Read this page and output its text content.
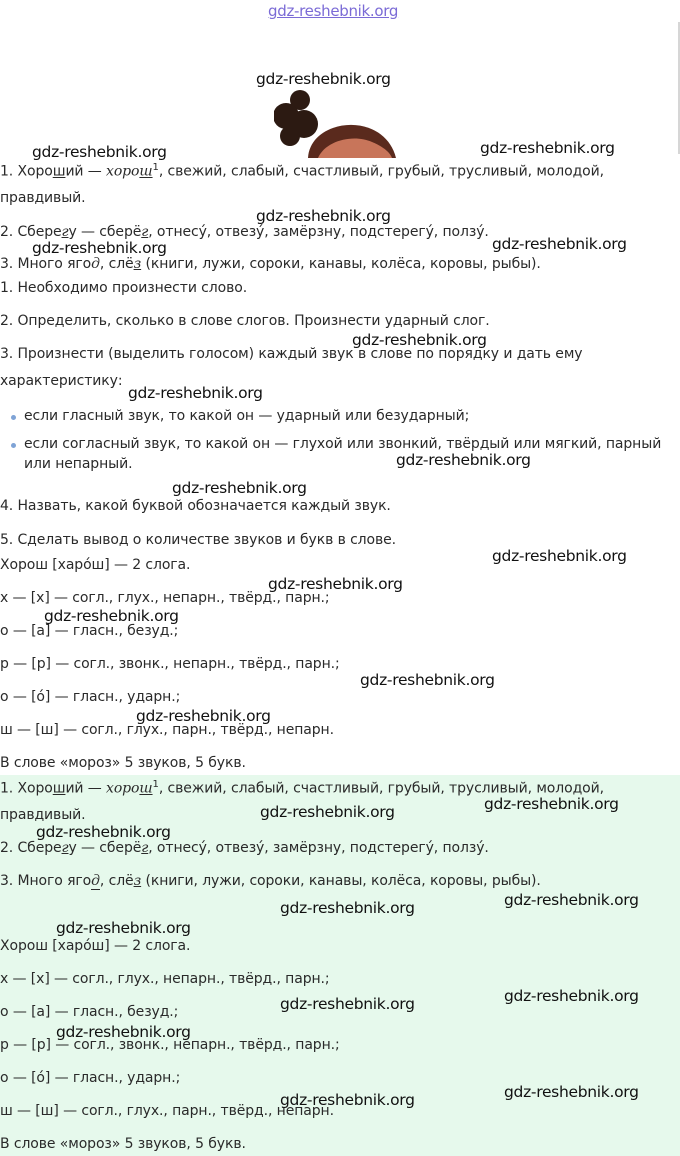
gdz-reshebnik.org
1. Хороший — хорош$^1$, свежий, слабый, счастливый, грубый, трусливый, молодой,
правдивый.
2. Сберегу — сберёг, отнесу́, отвезу́, замёрзну, подстерегу́, ползу́.
3. Много ягод, слёз (книги, лужи, сороки, канавы, колёса, коровы, рыбы).
1. Необходимо произнести слово.
2. Определить, сколько в слове слогов. Произнести ударный слог.
3. Произнести (выделить голосом) каждый звук в слове по порядку и дать ему
характеристику:
если гласный звук, то какой он — ударный или безударный;
если согласный звук, то какой он — глухой или звонкий, твёрдый или мягкий, парный
или непарный.
4. Назвать, какой буквой обозначается каждый звук.
5. Сделать вывод о количестве звуков и букв в слове.
Хорош [харо́ш] — 2 слога.
х — [х] — согл., глух., непарн., твёрд., парн.;
о — [а] — гласн., безуд.;
р — [р] — согл., звонк., непарн., твёрд., парн.;
о — [о́] — гласн., ударн.;
ш — [ш] — согл., глух., парн., твёрд., непарн.
В слове «мороз» 5 звуков, 5 букв.
1. Хороший — хорош$^1$, свежий, слабый, счастливый, грубый, трусливый, молодой,
правдивый.
2. Сберегу — сберёг, отнесу́, отвезу́, замёрзну, подстерегу́, ползу́.
3. Много ягод, слёз (книги, лужи, сороки, канавы, колёса, коровы, рыбы).
Хорош [харо́ш] — 2 слога.
х — [х] — согл., глух., непарн., твёрд., парн.;
о — [а] — гласн., безуд.;
р — [р] — согл., звонк., непарн., твёрд., парн.;
о — [о́] — гласн., ударн.;
ш — [ш] — согл., глух., парн., твёрд., непарн.
В слове «мороз» 5 звуков, 5 букв.
gdz-reshebnik.org
gdz-reshebnik.org	gdz-reshebnik.org
gdz-reshebnik.org
gdz-reshebnik.org	gdz-reshebnik.org
gdz-reshebnik.org
gdz-reshebnik.org
gdz-reshebnik.org
gdz-reshebnik.org
gdz-reshebnik.org
gdz-reshebnik.org
gdz-reshebnik.org
gdz-reshebnik.org
gdz-reshebnik.org
gdz-reshebnik.org
gdz-reshebnik.org
gdz-reshebnik.org
gdz-reshebnik.org
gdz-reshebnik.org
gdz-reshebnik.org
gdz-reshebnik.org
gdz-reshebnik.org
gdz-reshebnik.org
gdz-reshebnik.org
gdz-reshebnik.org
